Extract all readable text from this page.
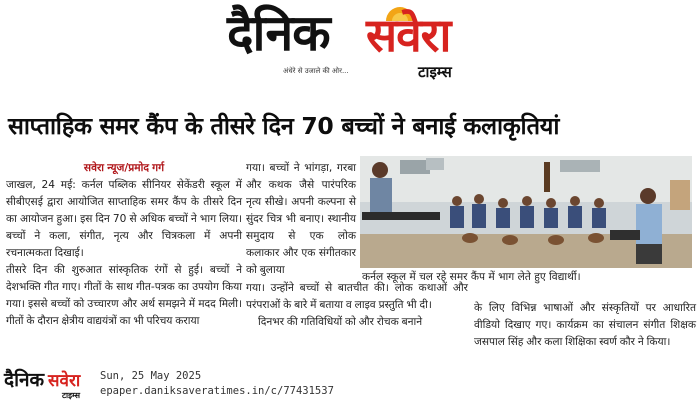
दैनिक सवेरा
अंधेरे से उजाले की ओर...	टाइम्स
साप्ताहिक समर कैंप के तीसरे दिन 70 बच्चों ने बनाई कलाकृतियां

सवेरा न्यूज/प्रमोद गर्ग

जाखल, 24 मई: कर्नल पब्लिक सीनियर सेकेंडरी स्कूल में सीबीएसई द्वारा आयोजित साप्ताहिक समर कैंप के तीसरे दिन का आयोजन हुआ। इस दिन 70 से अधिक बच्चों ने भाग लिया। बच्चों ने कला, संगीत, नृत्य और चित्रकला में अपनी रचनात्मकता दिखाई।

तीसरे दिन की शुरुआत सांस्कृतिक रंगों से हुई। बच्चों ने देशभक्ति गीत गाए। गीतों के साथ गीत-पत्रक का उपयोग किया गया। इससे बच्चों को उच्चारण और अर्थ समझने में मदद मिली। गीतों के दौरान क्षेत्रीय वाद्ययंत्रों का भी परिचय कराया

गया। बच्चों ने भांगड़ा, गरबा और कथक जैसे पारंपरिक नृत्य सीखे। अपनी कल्पना से सुंदर चित्र भी बनाए। स्थानीय समुदाय से एक लोक कलाकार और एक संगीतकार को बुलाया

कर्नल स्कूल में चल रहे समर कैंप में भाग लेते हुए विद्यार्थी।

गया। उन्होंने बच्चों से बातचीत की। लोक कथाओं और परंपराओं के बारे में बताया व लाइव प्रस्तुति भी दी।

दिनभर की गतिविधियों को और रोचक बनाने

के लिए विभिन्न भाषाओं और संस्कृतियों पर आधारित वीडियो दिखाए गए। कार्यक्रम का संचालन संगीत शिक्षक जसपाल सिंह और कला शिक्षिका स्वर्ण कौर ने किया।

दैनिक सवेरा
टाइम्स
Sun, 25 May 2025
epaper.daniksaveratimes.in/c/77431537
